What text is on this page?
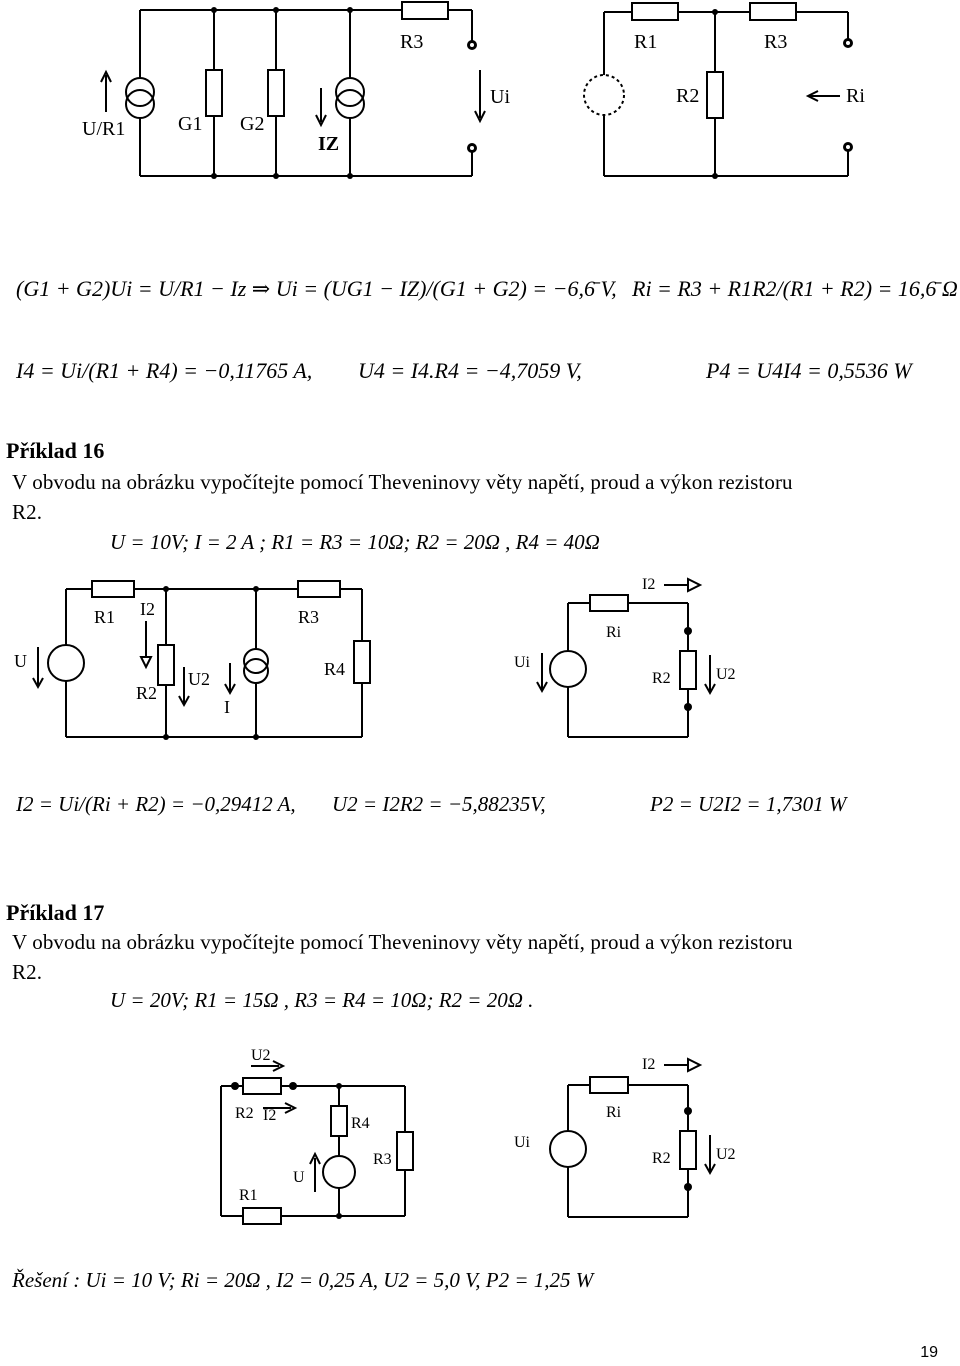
U/R1	G1 G2
IZ
R3
Ui
R1	R3
R2	Ri
(G1 + G2)Ui = U/R1 − Iz ⇒ Ui = (UG1 − IZ)/(G1 + G2) = −6,6̄ V, Ri = R3 + R1R2/(R1 + R2) = 16,6̄ Ω
I4 = Ui/(R1 + R4) = −0,11765 A, U4 = I4.R4 = −4,7059 V,	P4 = U4I4 = 0,5536 W
Příklad 16
V obvodu na obrázku vypočítejte pomocí Theveninovy věty napětí, proud a výkon rezistoru
R2.
U = 10V; I = 2 A ; R1 = R3 = 10Ω; R2 = 20Ω , R4 = 40Ω
R1 I2	R3
U
R2
U2
I
R4
I2
Ri
Ui
R2	U2
I2 = Ui/(Ri + R2) = −0,29412 A, U2 = I2R2 = −5,88235V,	P2 = U2I2 = 1,7301 W
Příklad 17
V obvodu na obrázku vypočítejte pomocí Theveninovy věty napětí, proud a výkon rezistoru
R2.
U = 20V; R1 = 15Ω , R3 = R4 = 10Ω; R2 = 20Ω .
U2
R2 I2	R4
R3
U
R1
I2
Ri
Ui
R2	U2
Řešení : Ui = 10 V; Ri = 20Ω , I2 = 0,25 A, U2 = 5,0 V, P2 = 1,25 W
19
